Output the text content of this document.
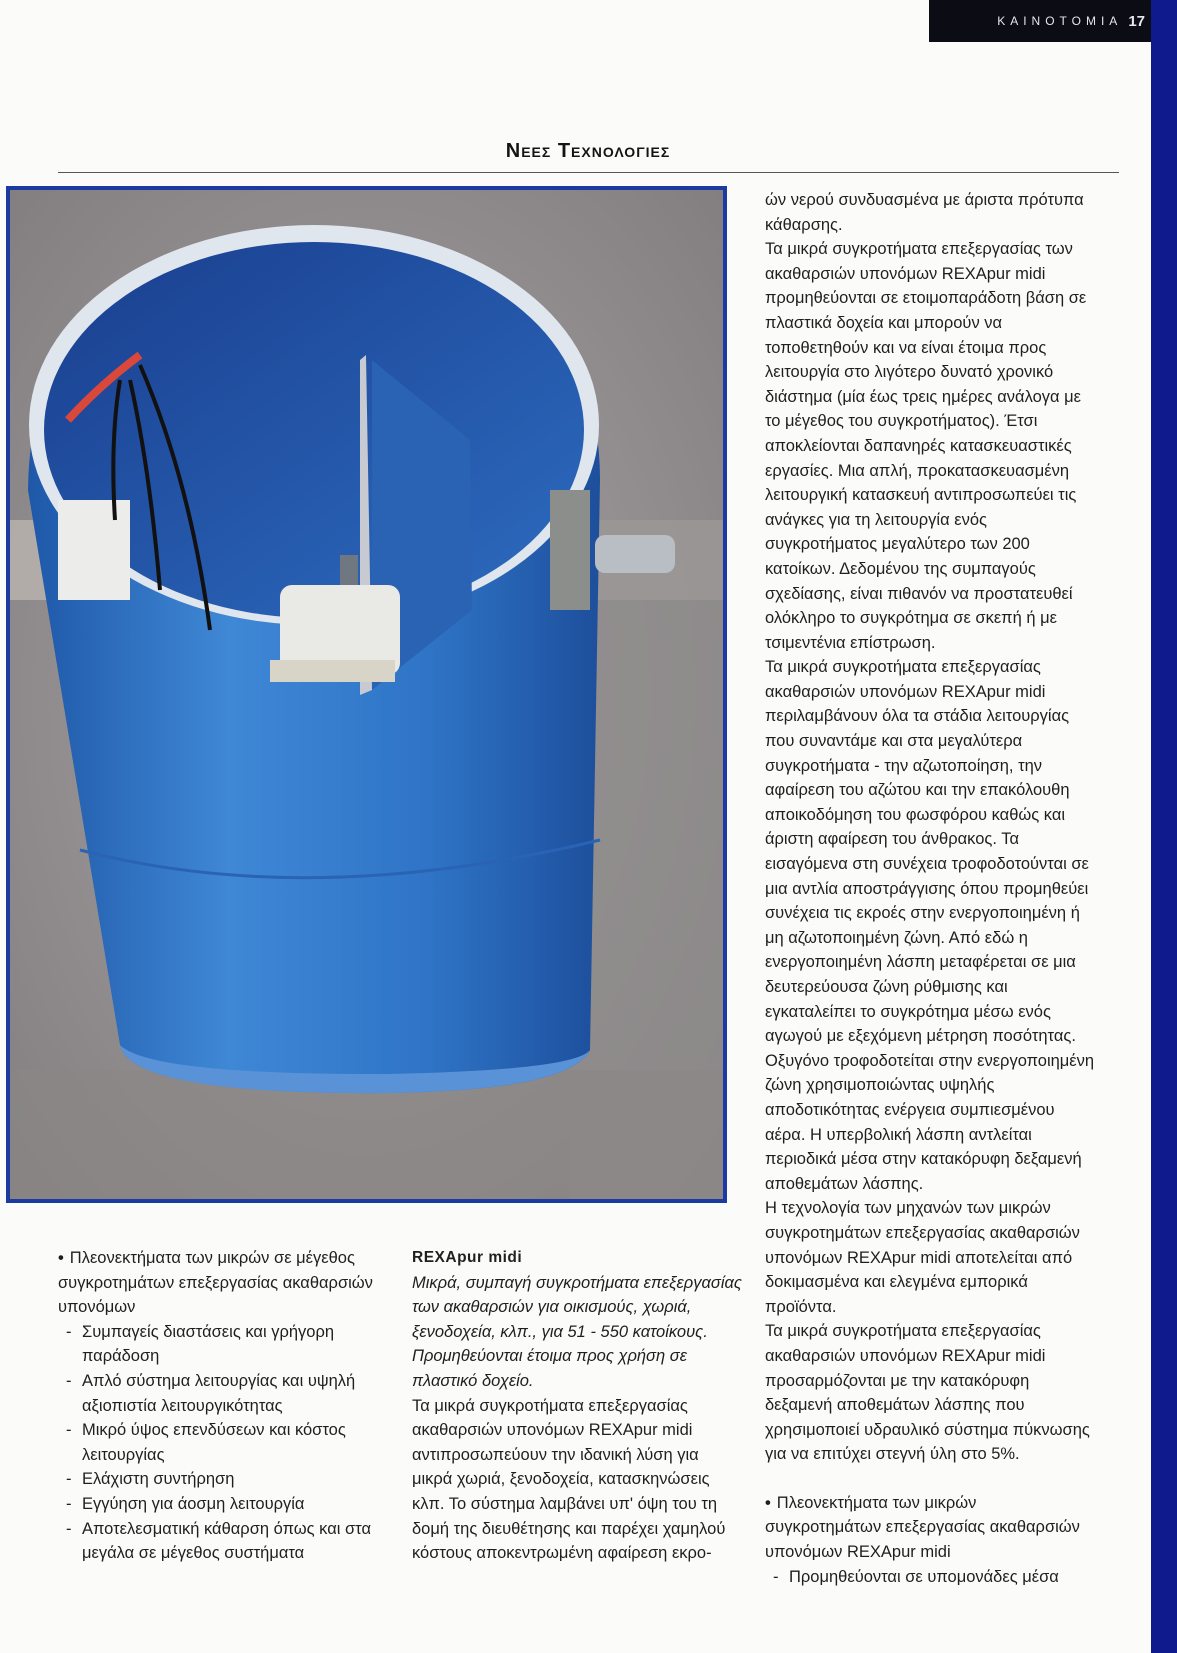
ΚΑΙΝΟΤΟΜΙΑ 17
Νεες Τεχνολογιες

• Πλεονεκτήματα των μικρών σε μέγεθος συγκροτημάτων επεξεργασίας ακαθαρσιών υπονόμων

- Συμπαγείς διαστάσεις και γρήγορη παράδοση
- Απλό σύστημα λειτουργίας και υψηλή αξιοπιστία λειτουργικότητας
- Μικρό ύψος επενδύσεων και κόστος λειτουργίας
- Ελάχιστη συντήρηση
- Εγγύηση για άοσμη λειτουργία
- Αποτελεσματική κάθαρση όπως και στα μεγάλα σε μέγεθος συστήματα

REXApur midi

Μικρά, συμπαγή συγκροτήματα επεξεργασίας των ακαθαρσιών για οικισμούς, χωριά, ξενοδοχεία, κλπ., για 51 - 550 κατοίκους. Προμηθεύονται έτοιμα προς χρήση σε πλαστικό δοχείο.

Τα μικρά συγκροτήματα επεξεργασίας ακαθαρσιών υπονόμων REXApur midi αντιπροσωπεύουν την ιδανική λύση για μικρά χωριά, ξενοδοχεία, κατασκηνώσεις κλπ. Το σύστημα λαμβάνει υπ' όψη του τη δομή της διευθέτησης και παρέχει χαμηλού κόστους αποκεντρωμένη αφαίρεση εκρο-

ών νερού συνδυασμένα με άριστα πρότυπα κάθαρσης.

Τα μικρά συγκροτήματα επεξεργασίας των ακαθαρσιών υπονόμων REXApur midi προμηθεύονται σε ετοιμοπαράδοτη βάση σε πλαστικά δοχεία και μπορούν να τοποθετηθούν και να είναι έτοιμα προς λειτουργία στο λιγότερο δυνατό χρονικό διάστημα (μία έως τρεις ημέρες ανάλογα με το μέγεθος του συγκροτήματος). Έτσι αποκλείονται δαπανηρές κατασκευαστικές εργασίες. Μια απλή, προκατασκευασμένη λειτουργική κατασκευή αντιπροσωπεύει τις ανάγκες για τη λειτουργία ενός συγκροτήματος μεγαλύτερο των 200 κατοίκων. Δεδομένου της συμπαγούς σχεδίασης, είναι πιθανόν να προστατευθεί ολόκληρο το συγκρότημα σε σκεπή ή με τσιμεντένια επίστρωση.

Τα μικρά συγκροτήματα επεξεργασίας ακαθαρσιών υπονόμων REXApur midi περιλαμβάνουν όλα τα στάδια λειτουργίας που συναντάμε και στα μεγαλύτερα συγκροτήματα - την αζωτοποίηση, την αφαίρεση του αζώτου και την επακόλουθη αποικοδόμηση του φωσφόρου καθώς και άριστη αφαίρεση του άνθρακος. Τα εισαγόμενα στη συνέχεια τροφοδοτούνται σε μια αντλία αποστράγγισης όπου προμηθεύει συνέχεια τις εκροές στην ενεργοποιημένη ή μη αζωτοποιημένη ζώνη. Από εδώ η ενεργοποιημένη λάσπη μεταφέρεται σε μια δευτερεύουσα ζώνη ρύθμισης και εγκαταλείπει το συγκρότημα μέσω ενός αγωγού με εξεχόμενη μέτρηση ποσότητας. Οξυγόνο τροφοδοτείται στην ενεργοποιημένη ζώνη χρησιμοποιώντας υψηλής αποδοτικότητας ενέργεια συμπιεσμένου αέρα. Η υπερβολική λάσπη αντλείται περιοδικά μέσα στην κατακόρυφη δεξαμενή αποθεμάτων λάσπης.

Η τεχνολογία των μηχανών των μικρών συγκροτημάτων επεξεργασίας ακαθαρσιών υπονόμων REXApur midi αποτελείται από δοκιμασμένα και ελεγμένα εμπορικά προϊόντα.

Τα μικρά συγκροτήματα επεξεργασίας ακαθαρσιών υπονόμων REXApur midi προσαρμόζονται με την κατακόρυφη δεξαμενή αποθεμάτων λάσπης που χρησιμοποιεί υδραυλικό σύστημα πύκνωσης για να επιτύχει στεγνή ύλη στο 5%.

• Πλεονεκτήματα των μικρών συγκροτημάτων επεξεργασίας ακαθαρσιών υπονόμων REXApur midi

- Προμηθεύονται σε υπομονάδες μέσα
